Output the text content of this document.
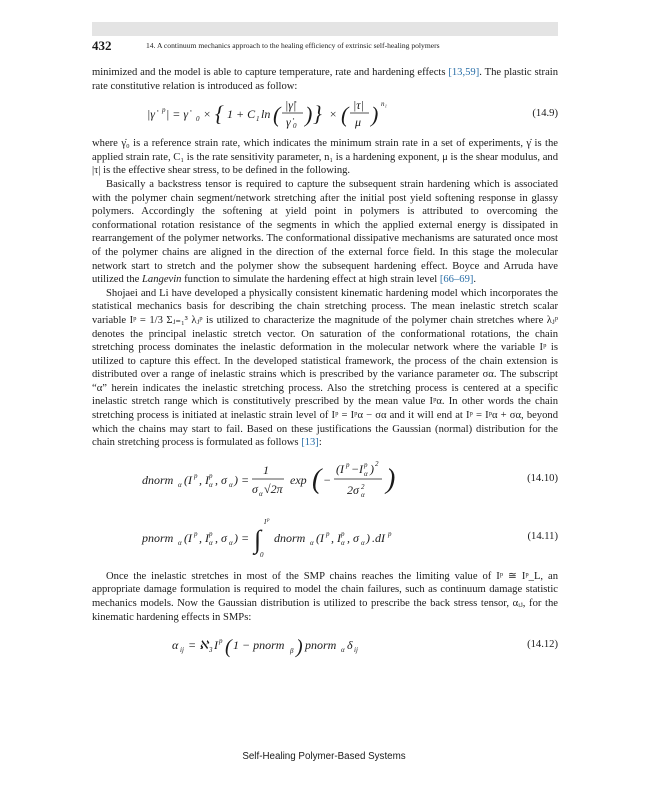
432	14. A continuum mechanics approach to the healing efficiency of extrinsic self-healing polymers

minimized and the model is able to capture temperature, rate and hardening effects [13,59]. The plastic strain rate constitutive relation is introduced as follow:

|γ̇ p | = γ̇	0 × { 1 + C 1 ln ( |γ̇|
γ̇ 0 ) } × ( |τ|
μ ) n₁
(14.9)

where γ̇₀ is a reference strain rate, which indicates the minimum strain rate in a set of experiments, γ̇ is the applied strain rate, C₁ is the rate sensitivity parameter, n₁ is a hardening exponent, μ is the shear modulus, and |τ| is the effective shear stress, to be defined in the following.

Basically a backstress tensor is required to capture the subsequent strain hardening which is associated with the polymer chain segment/network stretching after the initial post yield softening response in glassy polymers. Accordingly the softening at yield point in polymers is attributed to overcoming the conformational rotation resistance of the segments in which the applied external energy is dissipated in rearrangement of the polymer networks. The conformational dissipative mechanisms are saturated once most of the polymer chains are aligned in the direction of the external force field. In this stage the molecular network start to stretch and the polymer show the subsequent hardening effect. Boyce and Arruda have utilized the Langevin function to simulate the hardening effect at high strain level [66–69].

Shojaei and Li have developed a physically consistent kinematic hardening model which incorporates the statistical mechanics basis for describing the chain stretching process. The mean inelastic stretch scalar variable Iᵖ = 1/3 Σⱼ₌₁³ λⱼᵖ is utilized to characterize the magnitude of the polymer chain stretches where λⱼᵖ denotes the principal inelastic stretch vector. On saturation of the conformational rotations, the chain stretching process dominates the inelastic deformation in the molecular network where the variable Iᵖ is utilized to capture this effect. In the developed statistical framework, the process of the chain extension is distributed over a range of inelastic strains which is prescribed by the variance parameter σα. The subscript “α” herein indicates the inelastic stretching process. Also the stretching process is centered at a specific inelastic stretch range which is constitutively prescribed by the mean value Iᵖα. In other words the chain stretching process is initiated at inelastic strain level of Iᵖ = Iᵖα − σα and it will end at Iᵖ = Iᵖα + σα, beyond which the chains may start to fail. Based on these justifications the Gaussian (normal) distribution for the chain stretching process is formulated as follows [13]:

dnorm α (I p , I p
α , σ α ) =
1
σ α √2π
exp ( −
(I p − I p
α ) 2
2σ 2
α )	(14.10)
pnorm α (I p , I p
α , σ α ) = ∫
I p
0
dnorm α (I p , I p
α , σ α ) .dI p	(14.11)

Once the inelastic stretches in most of the SMP chains reaches the limiting value of Iᵖ ≅ Iᵖ_L, an appropriate damage formulation is required to model the chain failures, such as continuum damage statistic mechanics models. Now the Gaussian distribution is utilized to prescribe the back stress tensor, αᵢⱼ, for the kinematic hardening effects in SMPs:

α ij = ℵ 3 I p ( 1 − pnorm β ) pnorm α δ ij	(14.12)
Self-Healing Polymer-Based Systems
